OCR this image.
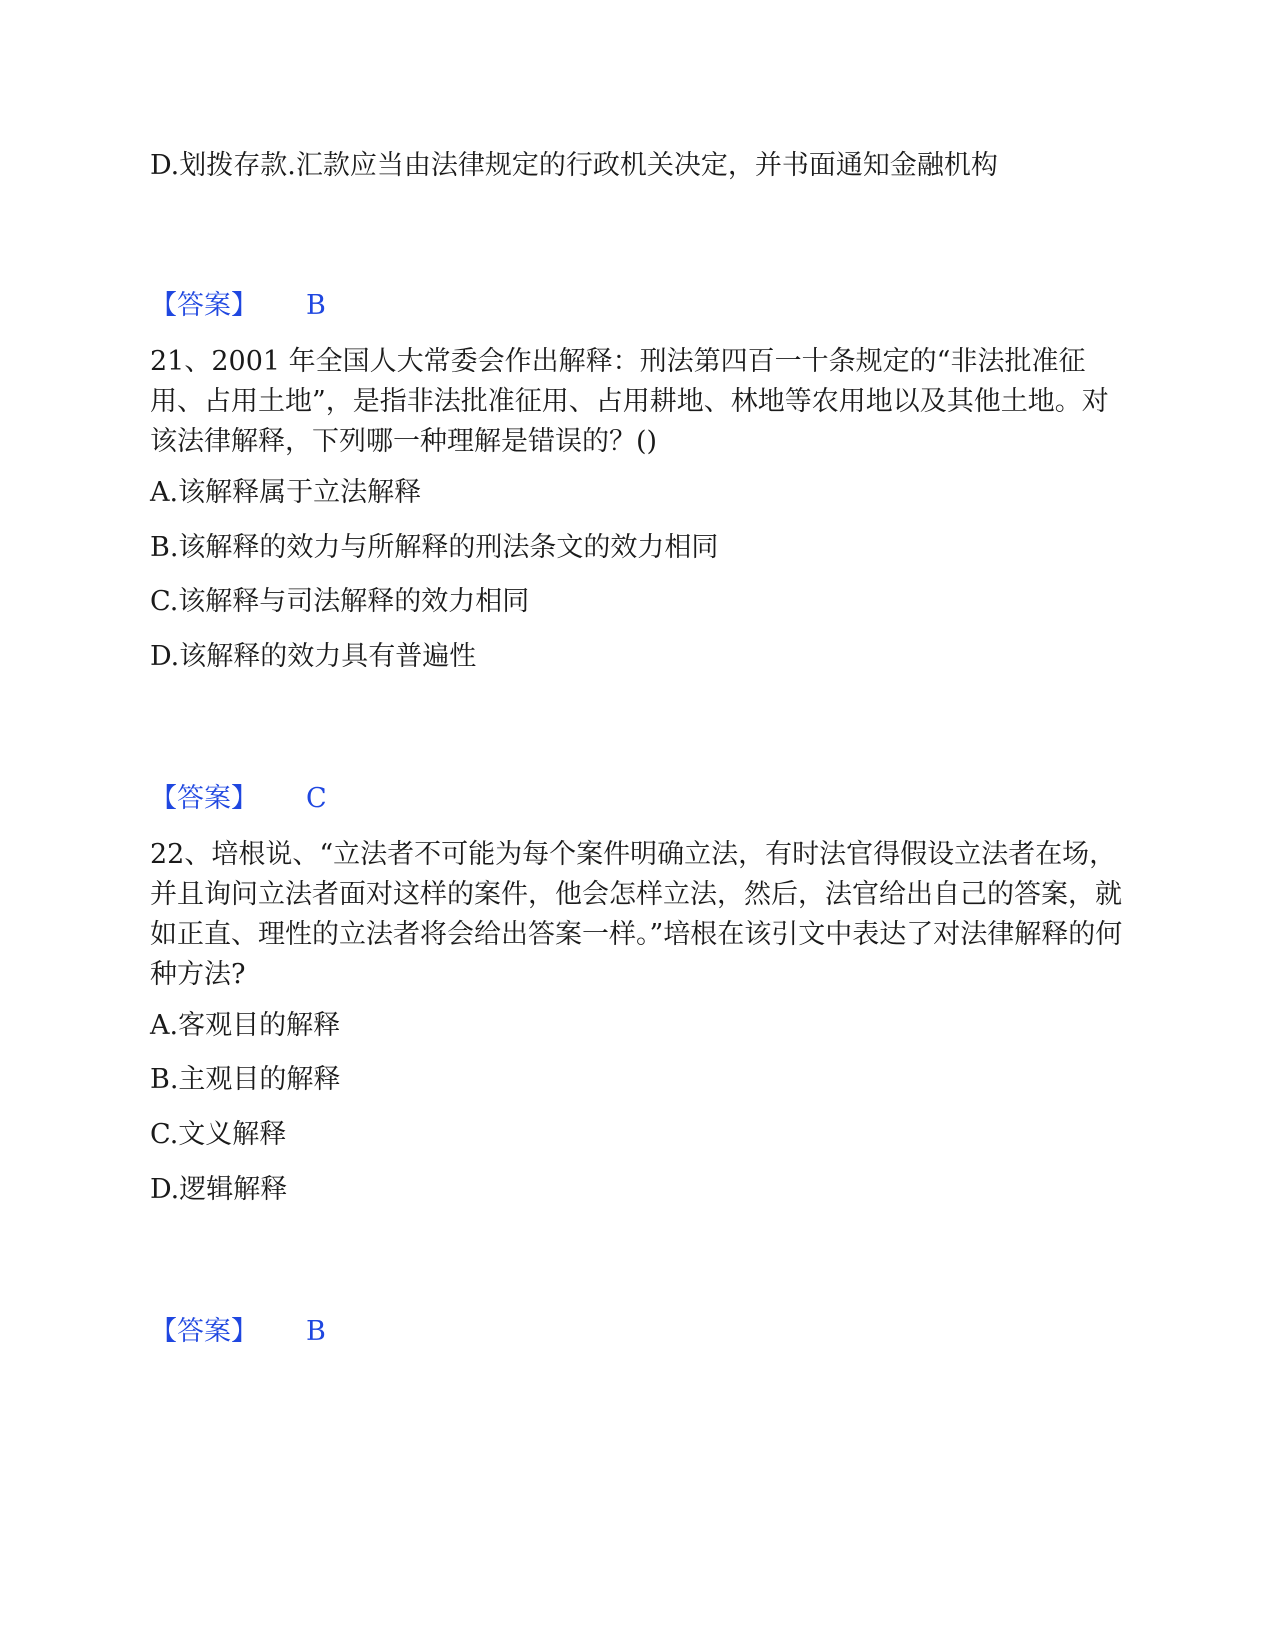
D.划拨存款.汇款应当由法律规定的行政机关决定，并书面通知金融机构
【答案】 B
21、2001 年全国人大常委会作出解释：刑法第四百一十条规定的“非法批准征用、占用土地”，是指非法批准征用、占用耕地、林地等农用地以及其他土地。对该法律解释，下列哪一种理解是错误的？()
A.该解释属于立法解释
B.该解释的效力与所解释的刑法条文的效力相同
C.该解释与司法解释的效力相同
D.该解释的效力具有普遍性
【答案】 C
22、培根说、“立法者不可能为每个案件明确立法，有时法官得假设立法者在场，并且询问立法者面对这样的案件，他会怎样立法，然后，法官给出自己的答案，就如正直、理性的立法者将会给出答案一样。”培根在该引文中表达了对法律解释的何种方法?
A.客观目的解释
B.主观目的解释
C.文义解释
D.逻辑解释
【答案】 B
